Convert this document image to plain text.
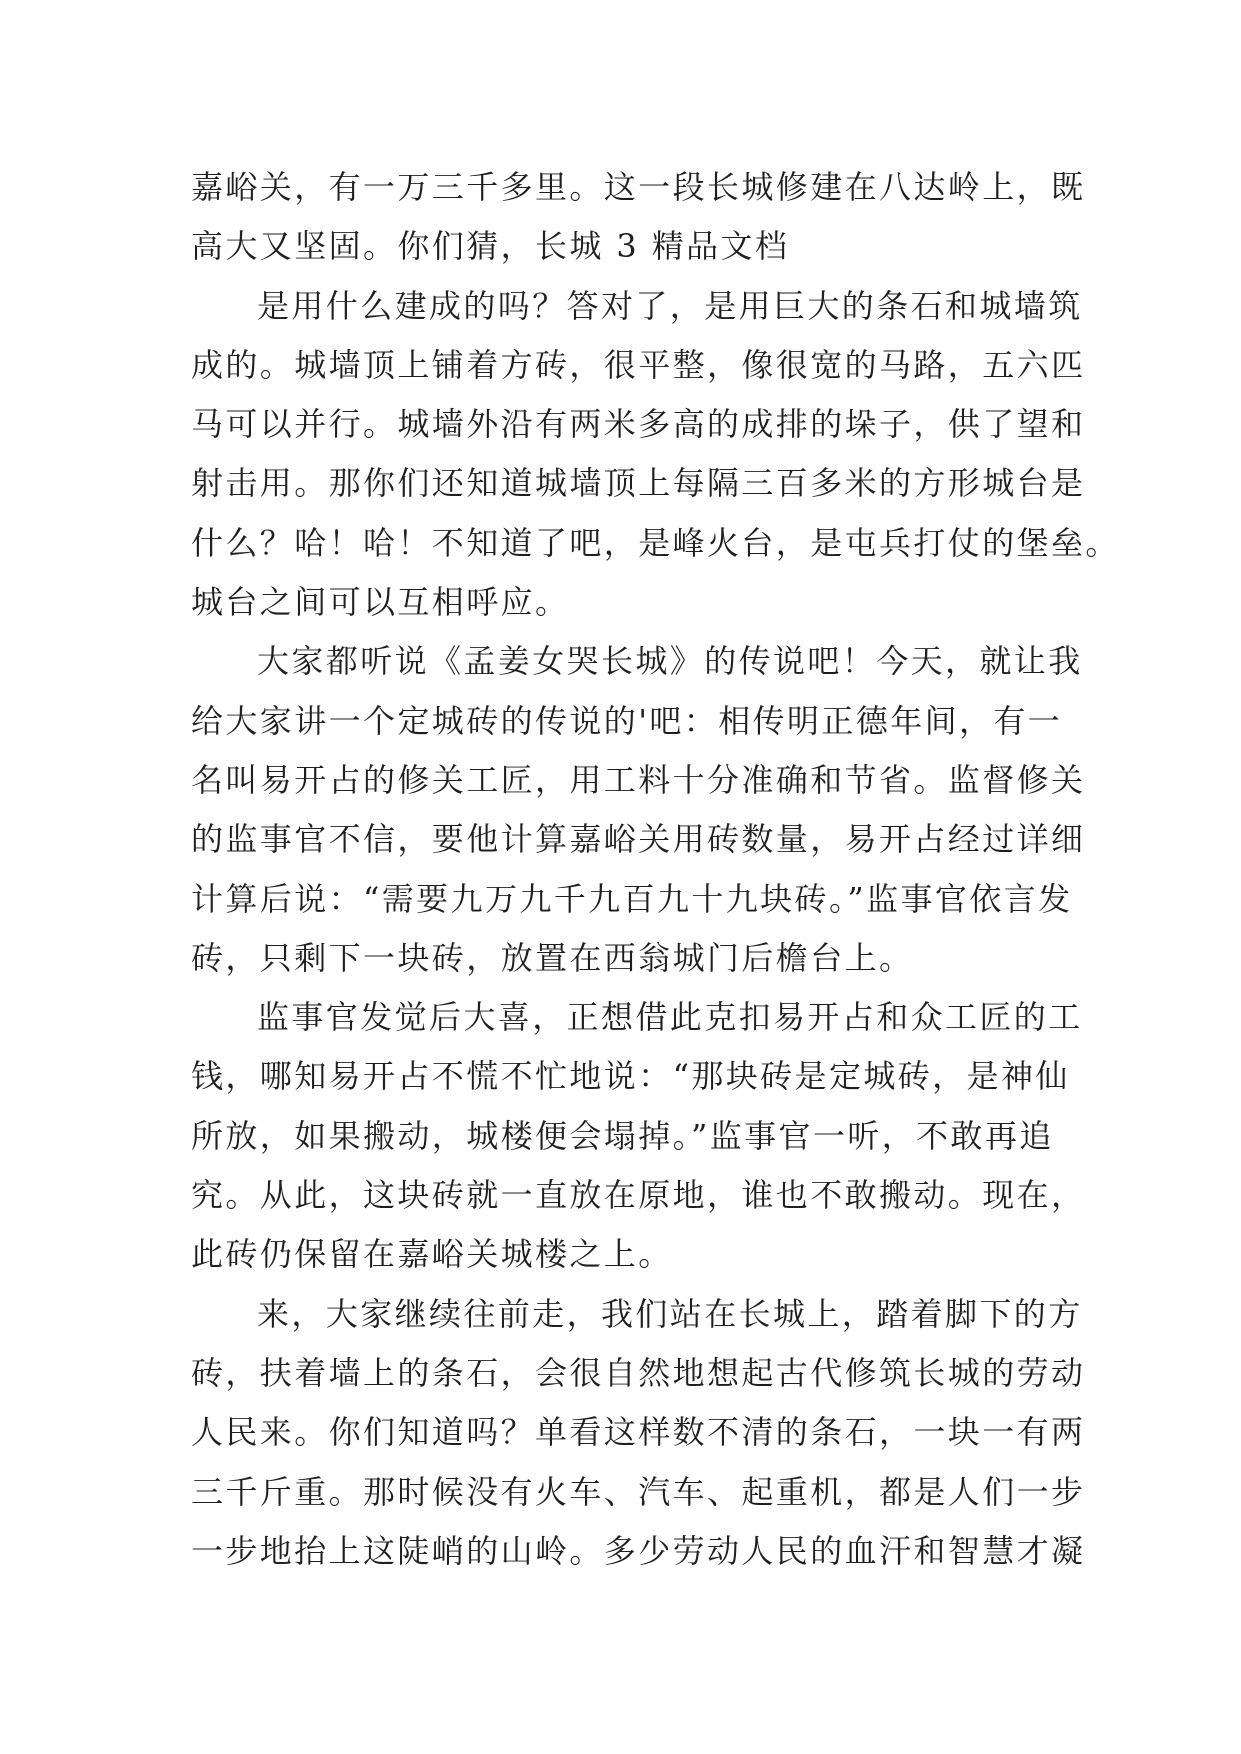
嘉峪关，有一万三千多里。这一段长城修建在八达岭上，既
高大又坚固。你们猜，长城 3 精品文档
是用什么建成的吗？答对了，是用巨大的条石和城墙筑
成的。城墙顶上铺着方砖，很平整，像很宽的马路，五六匹
马可以并行。城墙外沿有两米多高的成排的垛子，供了望和
射击用。那你们还知道城墙顶上每隔三百多米的方形城台是
什么？哈！哈！不知道了吧，是峰火台，是屯兵打仗的堡垒。
城台之间可以互相呼应。
大家都听说《孟姜女哭长城》的传说吧！今天，就让我
给大家讲一个定城砖的传说的'吧：相传明正德年间，有一
名叫易开占的修关工匠，用工料十分准确和节省。监督修关
的监事官不信，要他计算嘉峪关用砖数量，易开占经过详细
计算后说：“需要九万九千九百九十九块砖。”监事官依言发
砖，只剩下一块砖，放置在西翁城门后檐台上。
监事官发觉后大喜，正想借此克扣易开占和众工匠的工
钱，哪知易开占不慌不忙地说：“那块砖是定城砖，是神仙
所放，如果搬动，城楼便会塌掉。”监事官一听，不敢再追
究。从此，这块砖就一直放在原地，谁也不敢搬动。现在，
此砖仍保留在嘉峪关城楼之上。
来，大家继续往前走，我们站在长城上，踏着脚下的方
砖，扶着墙上的条石，会很自然地想起古代修筑长城的劳动
人民来。你们知道吗？单看这样数不清的条石，一块一有两
三千斤重。那时候没有火车、汽车、起重机，都是人们一步
一步地抬上这陡峭的山岭。多少劳动人民的血汗和智慧才凝
